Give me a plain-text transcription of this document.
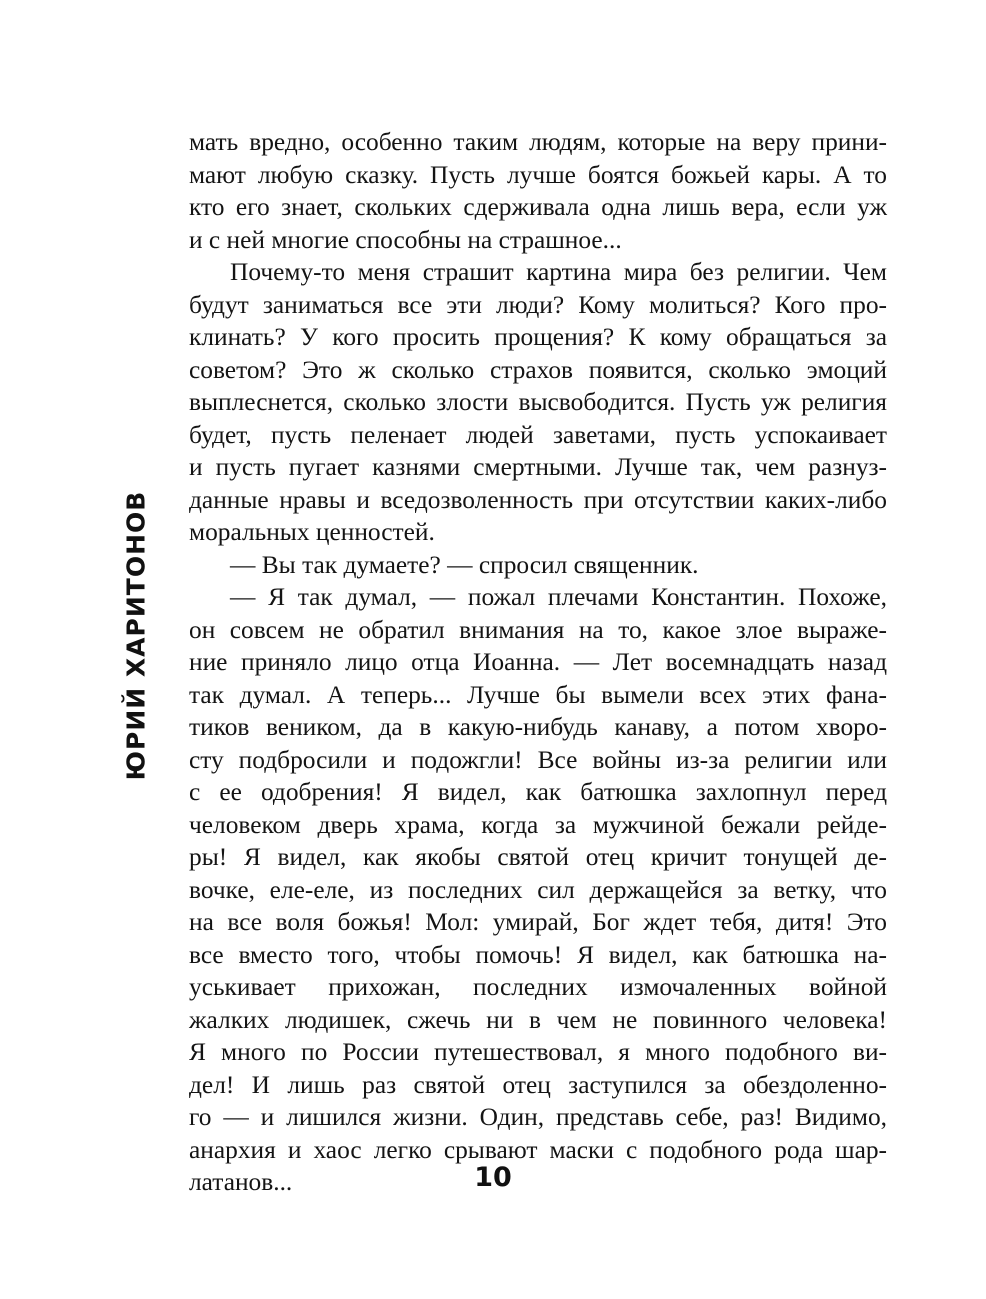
ЮРИЙ ХАРИТОНОВ
мать вредно, особенно таким людям, которые на веру прини-
мают любую сказку. Пусть лучше боятся божьей кары. А то
кто его знает, скольких сдерживала одна лишь вера, если уж
и с ней многие способны на страшное...
Почему-то меня страшит картина мира без религии. Чем
будут заниматься все эти люди? Кому молиться? Кого про-
клинать? У кого просить прощения? К кому обращаться за
советом? Это ж сколько страхов появится, сколько эмоций
выплеснется, сколько злости высвободится. Пусть уж религия
будет, пусть пеленает людей заветами, пусть успокаивает
и пусть пугает казнями смертными. Лучше так, чем разнуз-
данные нравы и вседозволенность при отсутствии каких-либо
моральных ценностей.
— Вы так думаете? — спросил священник.
— Я так думал, — пожал плечами Константин. Похоже,
он совсем не обратил внимания на то, какое злое выраже-
ние приняло лицо отца Иоанна. — Лет восемнадцать назад
так думал. А теперь... Лучше бы вымели всех этих фана-
тиков веником, да в какую-нибудь канаву, а потом хворо-
сту подбросили и подожгли! Все войны из-за религии или
с ее одобрения! Я видел, как батюшка захлопнул перед
человеком дверь храма, когда за мужчиной бежали рейде-
ры! Я видел, как якобы святой отец кричит тонущей де-
вочке, еле-еле, из последних сил держащейся за ветку, что
на все воля божья! Мол: умирай, Бог ждет тебя, дитя! Это
все вместо того, чтобы помочь! Я видел, как батюшка на-
уськивает прихожан, последних измочаленных войной
жалких людишек, сжечь ни в чем не повинного человека!
Я много по России путешествовал, я много подобного ви-
дел! И лишь раз святой отец заступился за обездоленно-
го — и лишился жизни. Один, представь себе, раз! Видимо,
анархия и хаос легко срывают маски с подобного рода шар-
латанов...	10
